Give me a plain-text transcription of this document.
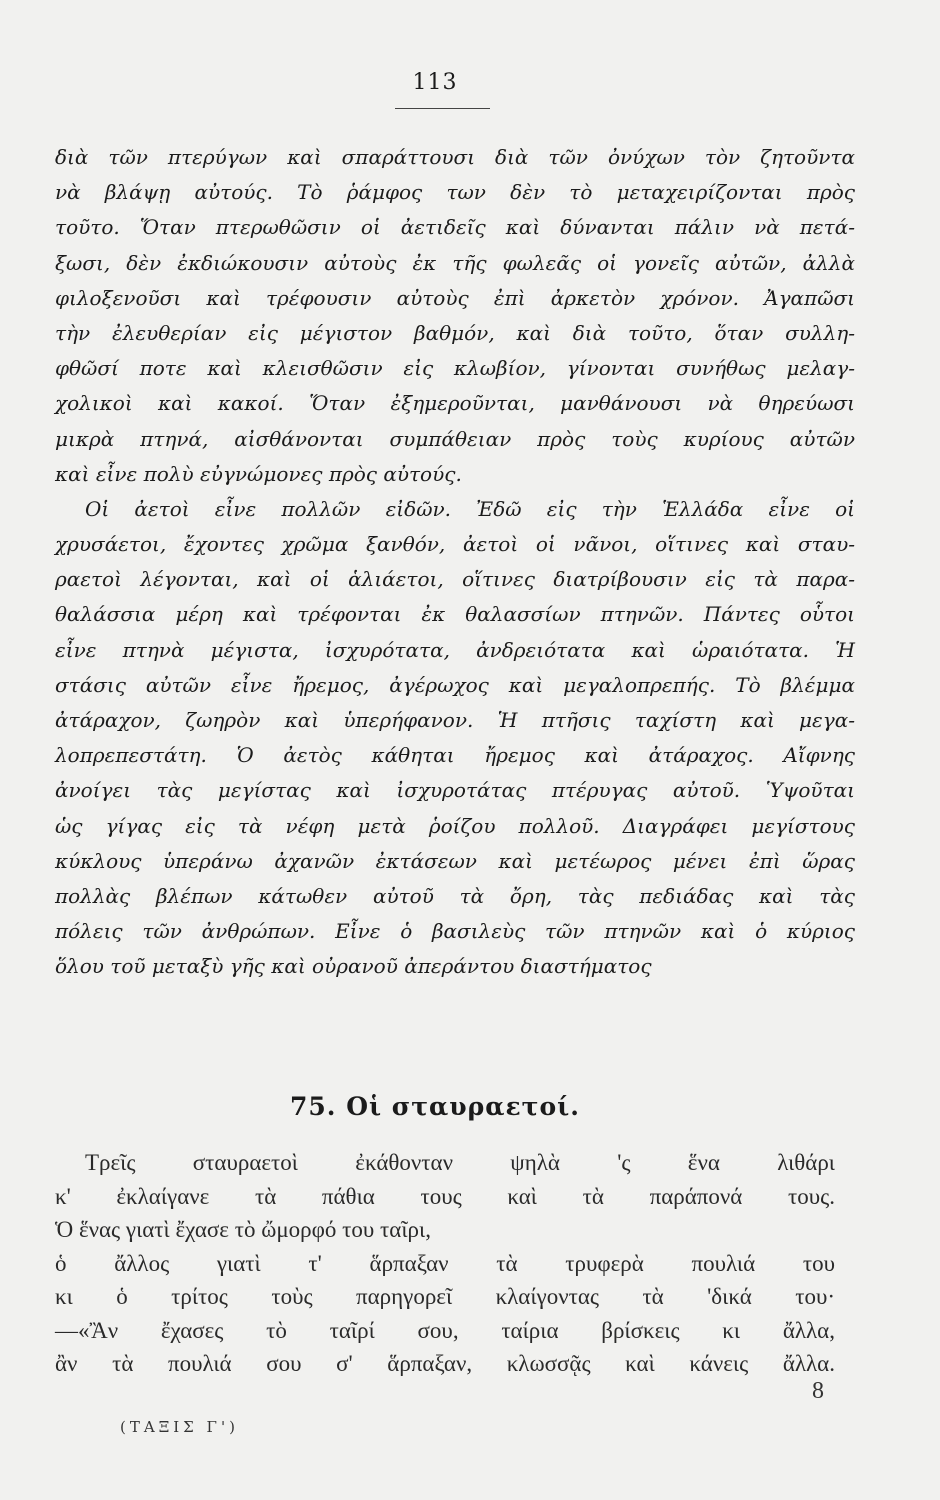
113
διὰ τῶν πτερύγων καὶ σπαράττουσι διὰ τῶν ὀνύχων τὸν ζητοῦντα
νὰ βλάψῃ αὐτούς. Τὸ ῥάμφος των δὲν τὸ μεταχειρίζονται πρὸς
τοῦτο. Ὅταν πτερωθῶσιν οἱ ἀετιδεῖς καὶ δύνανται πάλιν νὰ πετά-
ξωσι, δὲν ἐκδιώκουσιν αὐτοὺς ἐκ τῆς φωλεᾶς οἱ γονεῖς αὐτῶν, ἀλλὰ
φιλοξενοῦσι καὶ τρέφουσιν αὐτοὺς ἐπὶ ἀρκετὸν χρόνον. Ἀγαπῶσι
τὴν ἐλευθερίαν εἰς μέγιστον βαθμόν, καὶ διὰ τοῦτο, ὅταν συλλη-
φθῶσί ποτε καὶ κλεισθῶσιν εἰς κλωβίον, γίνονται συνήθως μελαγ-
χολικοὶ καὶ κακοί. Ὅταν ἐξημεροῦνται, μανθάνουσι νὰ θηρεύωσι
μικρὰ πτηνά, αἰσθάνονται συμπάθειαν πρὸς τοὺς κυρίους αὐτῶν
καὶ εἶνε πολὺ εὐγνώμονες πρὸς αὐτούς.
Οἱ ἀετοὶ εἶνε πολλῶν εἰδῶν. Ἐδῶ εἰς τὴν Ἑλλάδα εἶνε οἱ
χρυσάετοι, ἔχοντες χρῶμα ξανθόν, ἀετοὶ οἱ νᾶνοι, οἵτινες καὶ σταυ-
ραετοὶ λέγονται, καὶ οἱ ἁλιάετοι, οἵτινες διατρίβουσιν εἰς τὰ παρα-
θαλάσσια μέρη καὶ τρέφονται ἐκ θαλασσίων πτηνῶν. Πάντες οὗτοι
εἶνε πτηνὰ μέγιστα, ἰσχυρότατα, ἀνδρειότατα καὶ ὡραιότατα. Ἡ
στάσις αὐτῶν εἶνε ἤρεμος, ἀγέρωχος καὶ μεγαλοπρεπής. Τὸ βλέμμα
ἀτάραχον, ζωηρὸν καὶ ὑπερήφανον. Ἡ πτῆσις ταχίστη καὶ μεγα-
λοπρεπεστάτη. Ὁ ἀετὸς κάθηται ἤρεμος καὶ ἀτάραχος. Αἴφνης
ἀνοίγει τὰς μεγίστας καὶ ἰσχυροτάτας πτέρυγας αὐτοῦ. Ὑψοῦται
ὡς γίγας εἰς τὰ νέφη μετὰ ῥοίζου πολλοῦ. Διαγράφει μεγίστους
κύκλους ὑπεράνω ἀχανῶν ἐκτάσεων καὶ μετέωρος μένει ἐπὶ ὥρας
πολλὰς βλέπων κάτωθεν αὐτοῦ τὰ ὄρη, τὰς πεδιάδας καὶ τὰς
πόλεις τῶν ἀνθρώπων. Εἶνε ὁ βασιλεὺς τῶν πτηνῶν καὶ ὁ κύριος
ὅλου τοῦ μεταξὺ γῆς καὶ οὐρανοῦ ἀπεράντου διαστήματος
75. Οἱ σταυραετοί.
Τρεῖς σταυραετοὶ ἐκάθονταν ψηλὰ 'ς ἕνα λιθάρι
κ' ἐκλαίγανε τὰ πάθια τους καὶ τὰ παράπονά τους.
Ὁ ἕνας γιατὶ ἔχασε τὸ ὤμορφό του ταῖρι,
ὁ ἄλλος γιατὶ τ' ἅρπαξαν τὰ τρυφερὰ πουλιά του
κι ὁ τρίτος τοὺς παρηγορεῖ κλαίγοντας τὰ 'δικά του·
—«Ἂν ἔχασες τὸ ταῖρί σου, ταίρια βρίσκεις κι ἄλλα,
ἂν τὰ πουλιά σου σ' ἅρπαξαν, κλωσσᾷς καὶ κάνεις ἄλλα.
8
(ΤΑΞΙΣ Γ')
